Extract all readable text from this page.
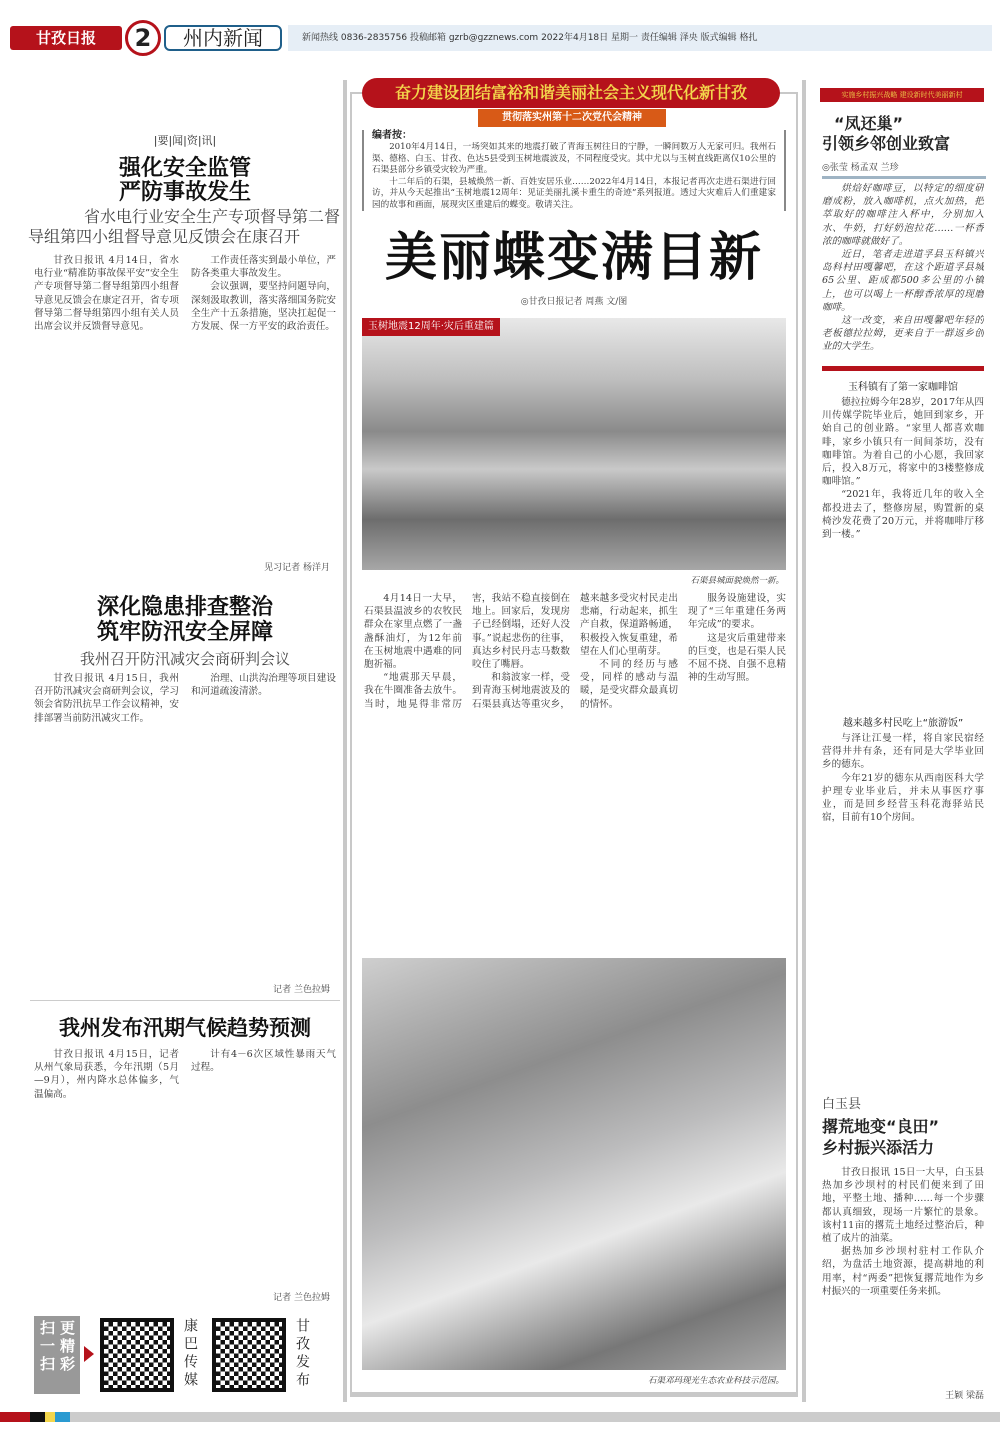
甘孜日报	2	州内新闻	新闻热线 0836-2835756 投稿邮箱 gzrb@gzznews.com 2022年4月18日 星期一 责任编辑 泽央 版式编辑 格扎
|要|闻|资|讯|
强化安全监管
严防事故发生
省水电行业安全生产专项督导第二督导组第四小组督导意见反馈会在康召开

甘孜日报讯 4月14日，省水电行业“精准防事故保平安”安全生产专项督导第二督导组第四小组督导意见反馈会在康定召开，省专项督导第二督导组第四小组有关人员出席会议并反馈督导意见。

工作责任落实到最小单位，严防各类重大事故发生。

会议强调，要坚持问题导向，深刻汲取教训，落实落细国务院安全生产十五条措施，坚决扛起促一方发展、保一方平安的政治责任。

见习记者 杨洋月
深化隐患排查整治
筑牢防汛安全屏障
我州召开防汛减灾会商研判会议

甘孜日报讯 4月15日，我州召开防汛减灾会商研判会议，学习领会省防汛抗旱工作会议精神，安排部署当前防汛减灾工作。

治理、山洪沟治理等项目建设和河道疏浚清淤。

记者 兰色拉姆
我州发布汛期气候趋势预测

甘孜日报讯 4月15日，记者从州气象局获悉，今年汛期（5月—9月），州内降水总体偏多，气温偏高。

计有4－6次区域性暴雨天气过程。

记者 兰色拉姆
扫一扫 更精彩	康巴传媒	甘孜发布
奋力建设团结富裕和谐美丽社会主义现代化新甘孜
贯彻落实州第十二次党代会精神
编者按：

2010年4月14日，一场突如其来的地震打破了青海玉树往日的宁静，一瞬间数万人无家可归。我州石渠、德格、白玉、甘孜、色达5县受到玉树地震波及，不同程度受灾。其中尤以与玉树直线距离仅10公里的石渠县部分乡镇受灾较为严重。

十二年后的石渠，县城焕然一新、百姓安居乐业……2022年4月14日，本报记者再次走进石渠进行回访，并从今天起推出“玉树地震12周年：见证美丽扎溪卡重生的奇迹”系列报道。透过大灾难后人们重建家园的故事和画面，展现灾区重建后的蝶变。敬请关注。

美丽蝶变满目新
◎甘孜日报记者 周燕 文/图
玉树地震12周年·灾后重建篇
石渠县城面貌焕然一新。

4月14日一大早，石渠县温波乡的农牧民群众在家里点燃了一盏盏酥油灯，为12年前在玉树地震中遇难的同胞祈福。

“地震那天早晨，我在牛圈准备去放牛。当时，地晃得非常厉害，我站不稳直接倒在地上。回家后，发现房子已经倒塌，还好人没事。”说起悲伤的往事，真达乡村民丹志马数数咬住了嘴唇。

和翁波家一样，受到青海玉树地震波及的石渠县真达等重灾乡，越来越多受灾村民走出悲痛，行动起来，抓生产自救，保道路畅通，积极投入恢复重建，希望在人们心里萌芽。

不同的经历与感受，同样的感动与温暖，是受灾群众最真切的情怀。

服务设施建设，实现了“三年重建任务两年完成”的要求。

这是灾后重建带来的巨变，也是石渠人民不屈不挠、自强不息精神的生动写照。

石渠邓玛现光生态农业科技示范园。
实施乡村振兴战略 建设新时代美丽新村
“凤还巢”
引领乡邻创业致富
◎张莹 杨孟双 兰珍

烘焙好咖啡豆，以特定的细度研磨成粉，放入咖啡机，点火加热，把萃取好的咖啡注入杯中，分别加入水、牛奶，打好奶泡拉花……一杯香浓的咖啡就做好了。

近日，笔者走进道孚县玉科镇兴岛科村田嘎馨吧，在这个距道孚县城65公里、距成都500多公里的小镇上，也可以喝上一杯醇香浓厚的现磨咖啡。

这一改变，来自田嘎馨吧年轻的老板德拉拉姆，更来自于一群返乡创业的大学生。

玉科镇有了第一家咖啡馆

德拉拉姆今年28岁，2017年从四川传媒学院毕业后，她回到家乡，开始自己的创业路。“家里人都喜欢咖啡，家乡小镇只有一间间茶坊，没有咖啡馆。为着自己的小心愿，我回家后，投入8万元，将家中的3楼整修成咖啡馆。”

“2021年，我将近几年的收入全都投进去了，整修房屋，购置新的桌椅沙发花费了20万元，并将咖啡厅移到一楼。”

越来越多村民吃上“旅游饭”

与泽让江曼一样，将自家民宿经营得井井有条，还有同是大学毕业回乡的德东。

今年21岁的德东从西南医科大学护理专业毕业后，并未从事医疗事业，而是回乡经营玉科花海驿站民宿，目前有10个房间。

白玉县
撂荒地变“良田”
乡村振兴添活力

甘孜日报讯 15日一大早，白玉县热加乡沙坝村的村民们便来到了田地，平整土地、播种……每一个步骤都认真细致，现场一片繁忙的景象。该村11亩的撂荒土地经过整治后，种植了成片的油菜。

据热加乡沙坝村驻村工作队介绍，为盘活土地资源，提高耕地的利用率，村“两委”把恢复撂荒地作为乡村振兴的一项重要任务来抓。

王颖 梁磊
